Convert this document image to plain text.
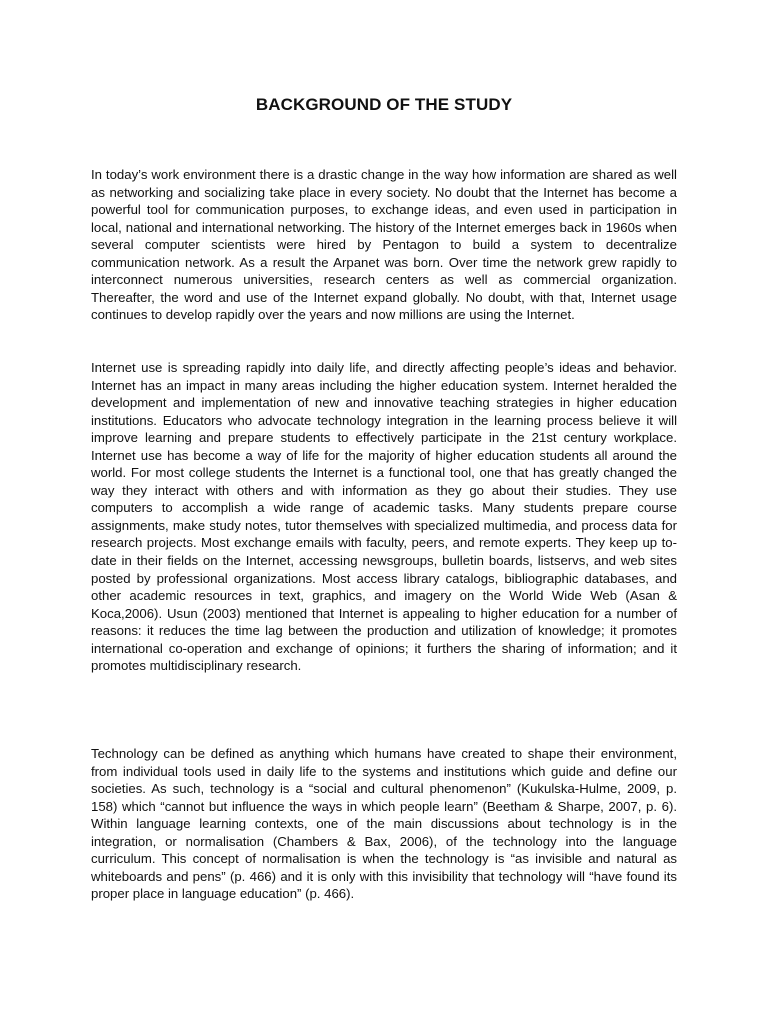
BACKGROUND OF THE STUDY

In today’s work environment there is a drastic change in the way how information are shared as well as networking and socializing take place in every society. No doubt that the Internet has become a powerful tool for communication purposes, to exchange ideas, and even used in participation in local, national and international networking. The history of the Internet emerges back in 1960s when several computer scientists were hired by Pentagon to build a system to decentralize communication network. As a result the Arpanet was born. Over time the network grew rapidly to interconnect numerous universities, research centers as well as commercial organization. Thereafter, the word and use of the Internet expand globally. No doubt, with that, Internet usage continues to develop rapidly over the years and now millions are using the Internet.

Internet use is spreading rapidly into daily life, and directly affecting people’s ideas and behavior. Internet has an impact in many areas including the higher education system. Internet heralded the development and implementation of new and innovative teaching strategies in higher education institutions. Educators who advocate technology integration in the learning process believe it will improve learning and prepare students to effectively participate in the 21st century workplace. Internet use has become a way of life for the majority of higher education students all around the world. For most college students the Internet is a functional tool, one that has greatly changed the way they interact with others and with information as they go about their studies. They use computers to accomplish a wide range of academic tasks. Many students prepare course assignments, make study notes, tutor themselves with specialized multimedia, and process data for research projects. Most exchange emails with faculty, peers, and remote experts. They keep up to-date in their fields on the Internet, accessing newsgroups, bulletin boards, listservs, and web sites posted by professional organizations. Most access library catalogs, bibliographic databases, and other academic resources in text, graphics, and imagery on the World Wide Web (Asan & Koca,2006). Usun (2003) mentioned that Internet is appealing to higher education for a number of reasons: it reduces the time lag between the production and utilization of knowledge; it promotes international co-operation and exchange of opinions; it furthers the sharing of information; and it promotes multidisciplinary research.

Technology can be defined as anything which humans have created to shape their environment, from individual tools used in daily life to the systems and institutions which guide and define our societies. As such, technology is a “social and cultural phenomenon” (Kukulska-Hulme, 2009, p. 158) which “cannot but influence the ways in which people learn” (Beetham & Sharpe, 2007, p. 6). Within language learning contexts, one of the main discussions about technology is in the integration, or normalisation (Chambers & Bax, 2006), of the technology into the language curriculum. This concept of normalisation is when the technology is “as invisible and natural as whiteboards and pens” (p. 466) and it is only with this invisibility that technology will “have found its proper place in language education” (p. 466).
